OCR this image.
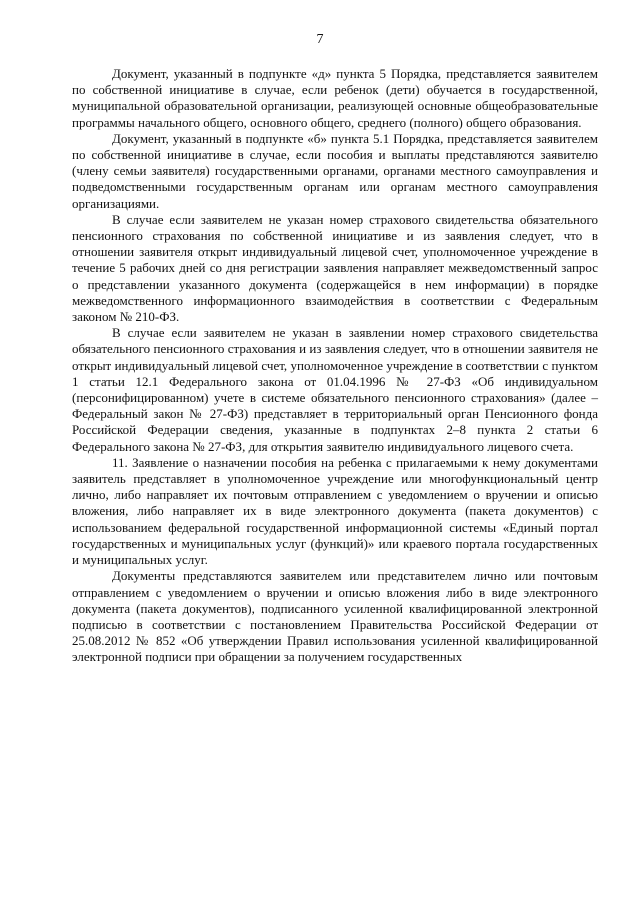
7

Документ, указанный в подпункте «д» пункта 5 Порядка, представляется заявителем по собственной инициативе в случае, если ребенок (дети) обучается в государственной, муниципальной образовательной организации, реализующей основные общеобразовательные программы начального общего, основного общего, среднего (полного) общего образования.

Документ, указанный в подпункте «б» пункта 5.1 Порядка, представляется заявителем по собственной инициативе в случае, если пособия и выплаты представляются заявителю (члену семьи заявителя) государственными органами, органами местного самоуправления и подведомственными государственным органам или органам местного самоуправления организациями.

В случае если заявителем не указан номер страхового свидетельства обязательного пенсионного страхования по собственной инициативе и из заявления следует, что в отношении заявителя открыт индивидуальный лицевой счет, уполномоченное учреждение в течение 5 рабочих дней со дня регистрации заявления направляет межведомственный запрос о представлении указанного документа (содержащейся в нем информации) в порядке межведомственного информационного взаимодействия в соответствии с Федеральным законом № 210-ФЗ.

В случае если заявителем не указан в заявлении номер страхового свидетельства обязательного пенсионного страхования и из заявления следует, что в отношении заявителя не открыт индивидуальный лицевой счет, уполномоченное учреждение в соответствии с пунктом 1 статьи 12.1 Федерального закона от 01.04.1996 № 27-ФЗ «Об индивидуальном (персонифицированном) учете в системе обязательного пенсионного страхования» (далее – Федеральный закон № 27-ФЗ) представляет в территориальный орган Пенсионного фонда Российской Федерации сведения, указанные в подпунктах 2–8 пункта 2 статьи 6 Федерального закона № 27-ФЗ, для открытия заявителю индивидуального лицевого счета.

11. Заявление о назначении пособия на ребенка с прилагаемыми к нему документами заявитель представляет в уполномоченное учреждение или многофункциональный центр лично, либо направляет их почтовым отправлением с уведомлением о вручении и описью вложения, либо направляет их в виде электронного документа (пакета документов) с использованием федеральной государственной информационной системы «Единый портал государственных и муниципальных услуг (функций)» или краевого портала государственных и муниципальных услуг.

Документы представляются заявителем или представителем лично или почтовым отправлением с уведомлением о вручении и описью вложения либо в виде электронного документа (пакета документов), подписанного усиленной квалифицированной электронной подписью в соответствии с постановлением Правительства Российской Федерации от 25.08.2012 № 852 «Об утверждении Правил использования усиленной квалифицированной электронной подписи при обращении за получением государственных
